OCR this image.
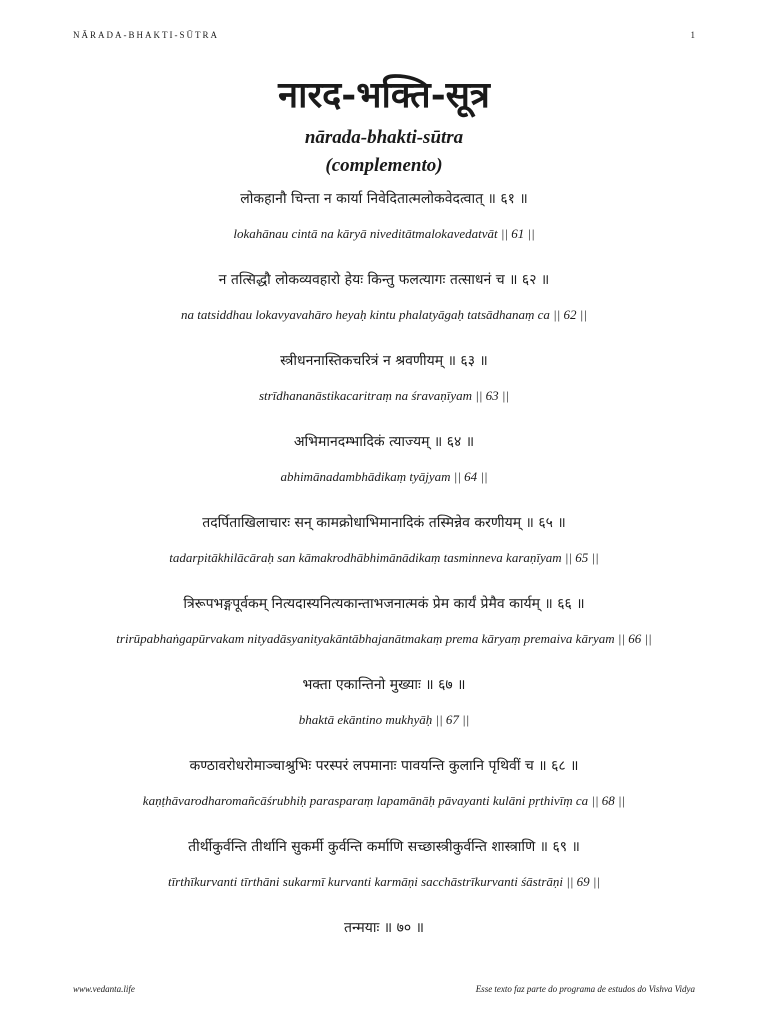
NĀRADA-BHAKTI-SŪTRA	1
नारद-भक्ति-सूत्र
nārada-bhakti-sūtra
(complemento)
लोकहानौ चिन्ता न कार्या निवेदितात्मलोकवेदत्वात् ॥ ६१ ॥
lokahānau cintā na kāryā niveditātmalokavedatvāt || 61 ||
न तत्सिद्धौ लोकव्यवहारो हेयः किन्तु फलत्यागः तत्साधनं च ॥ ६२ ॥
na tatsiddhau lokavyavahāro heyaḥ kintu phalatyāgaḥ tatsādhanaṃ ca || 62 ||
स्त्रीधननास्तिकचरित्रं न श्रवणीयम् ॥ ६३ ॥
strīdhananāstikacaritraṃ na śravaṇīyam || 63 ||
अभिमानदम्भादिकं त्याज्यम् ॥ ६४ ॥
abhimānadambhādikaṃ tyājyam || 64 ||
तदर्पिताखिलाचारः सन् कामक्रोधाभिमानादिकं तस्मिन्नेव करणीयम् ॥ ६५ ॥
tadarpitākhilācāraḥ san kāmakrodhābhimānādikaṃ tasminneva karaṇīyam || 65 ||
त्रिरूपभङ्गपूर्वकम् नित्यदास्यनित्यकान्ताभजनात्मकं प्रेम कार्यं प्रेमैव कार्यम् ॥ ६६ ॥
trirūpabhaṅgapūrvakam nityadāsyanityakāntābhajanātmakaṃ prema kāryaṃ premaiva kāryam || 66 ||
भक्ता एकान्तिनो मुख्याः ॥ ६७ ॥
bhaktā ekāntino mukhyāḥ || 67 ||
कण्ठावरोधरोमाञ्चाश्रुभिः परस्परं लपमानाः पावयन्ति कुलानि पृथिवीं च ॥ ६८ ॥
kaṇṭhāvarodharomañcāśrubhiḥ parasparaṃ lapamānāḥ pāvayanti kulāni pṛthivīṃ ca || 68 ||
तीर्थीकुर्वन्ति तीर्थानि सुकर्मी कुर्वन्ति कर्माणि सच्छास्त्रीकुर्वन्ति शास्त्राणि ॥ ६९ ॥
tīrthīkurvanti tīrthāni sukarmī kurvanti karmāṇi sacchāstrīkurvanti śāstrāṇi || 69 ||
तन्मयाः ॥ ७० ॥
www.vedanta.life	Esse texto faz parte do programa de estudos do Vishva Vidya
